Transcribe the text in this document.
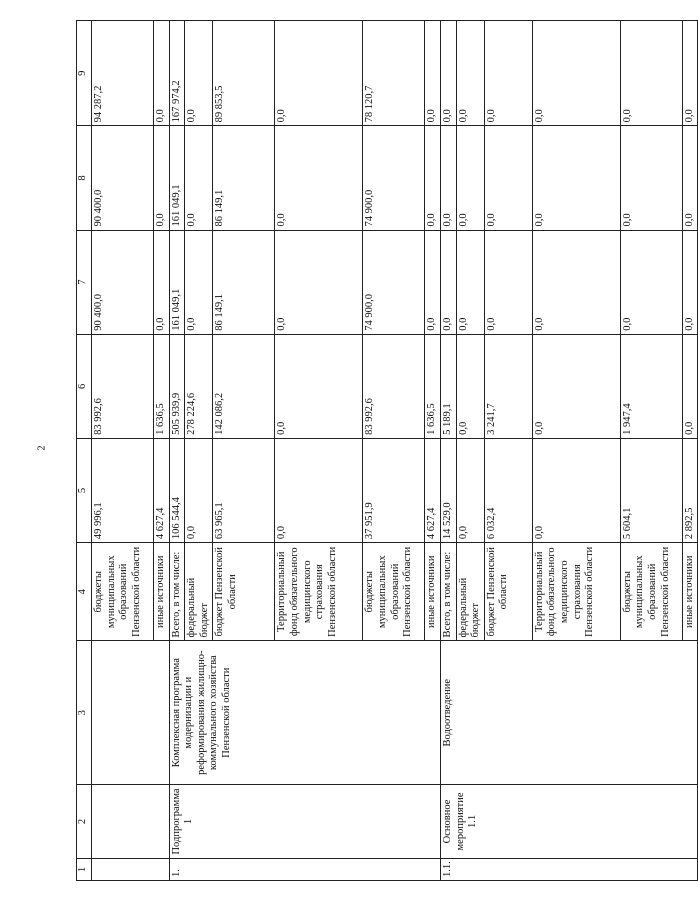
2
1	2	3	4	5	6	7	8	9
			бюджеты муниципальных образований Пензенской области	49 996,1	83 992,6	90 400,0	90 400,0	94 287,2
			иные источники	4 627,4	1 636,5	0,0	0,0	0,0
1.	Подпрограмма 1	Комплексная программа модернизации и реформирования жилищно-коммунального хозяйства Пензенской области	Всего, в том числе:	106 544,4	505 939,9	161 049,1	161 049,1	167 974,2
			федеральный бюджет	0,0	278 224,6	0,0	0,0	0,0
			бюджет Пензенской области	63 965,1	142 086,2	86 149,1	86 149,1	89 853,5
			Территориальный фонд обязательного медицинского страхования Пензенской области	0,0	0,0	0,0	0,0	0,0
			бюджеты муниципальных образований Пензенской области	37 951,9	83 992,6	74 900,0	74 900,0	78 120,7
			иные источники	4 627,4	1 636,5	0,0	0,0	0,0
1.1.	Основное мероприятие 1.1	Водоотведение	Всего, в том числе:	14 529,0	5 189,1	0,0	0,0	0,0
			федеральный бюджет	0,0	0,0	0,0	0,0	0,0
			бюджет Пензенской области	6 032,4	3 241,7	0,0	0,0	0,0
			Территориальный фонд обязательного медицинского страхования Пензенской области	0,0	0,0	0,0	0,0	0,0
			бюджеты муниципальных образований Пензенской области	5 604,1	1 947,4	0,0	0,0	0,0
			иные источники	2 892,5	0,0	0,0	0,0	0,0
